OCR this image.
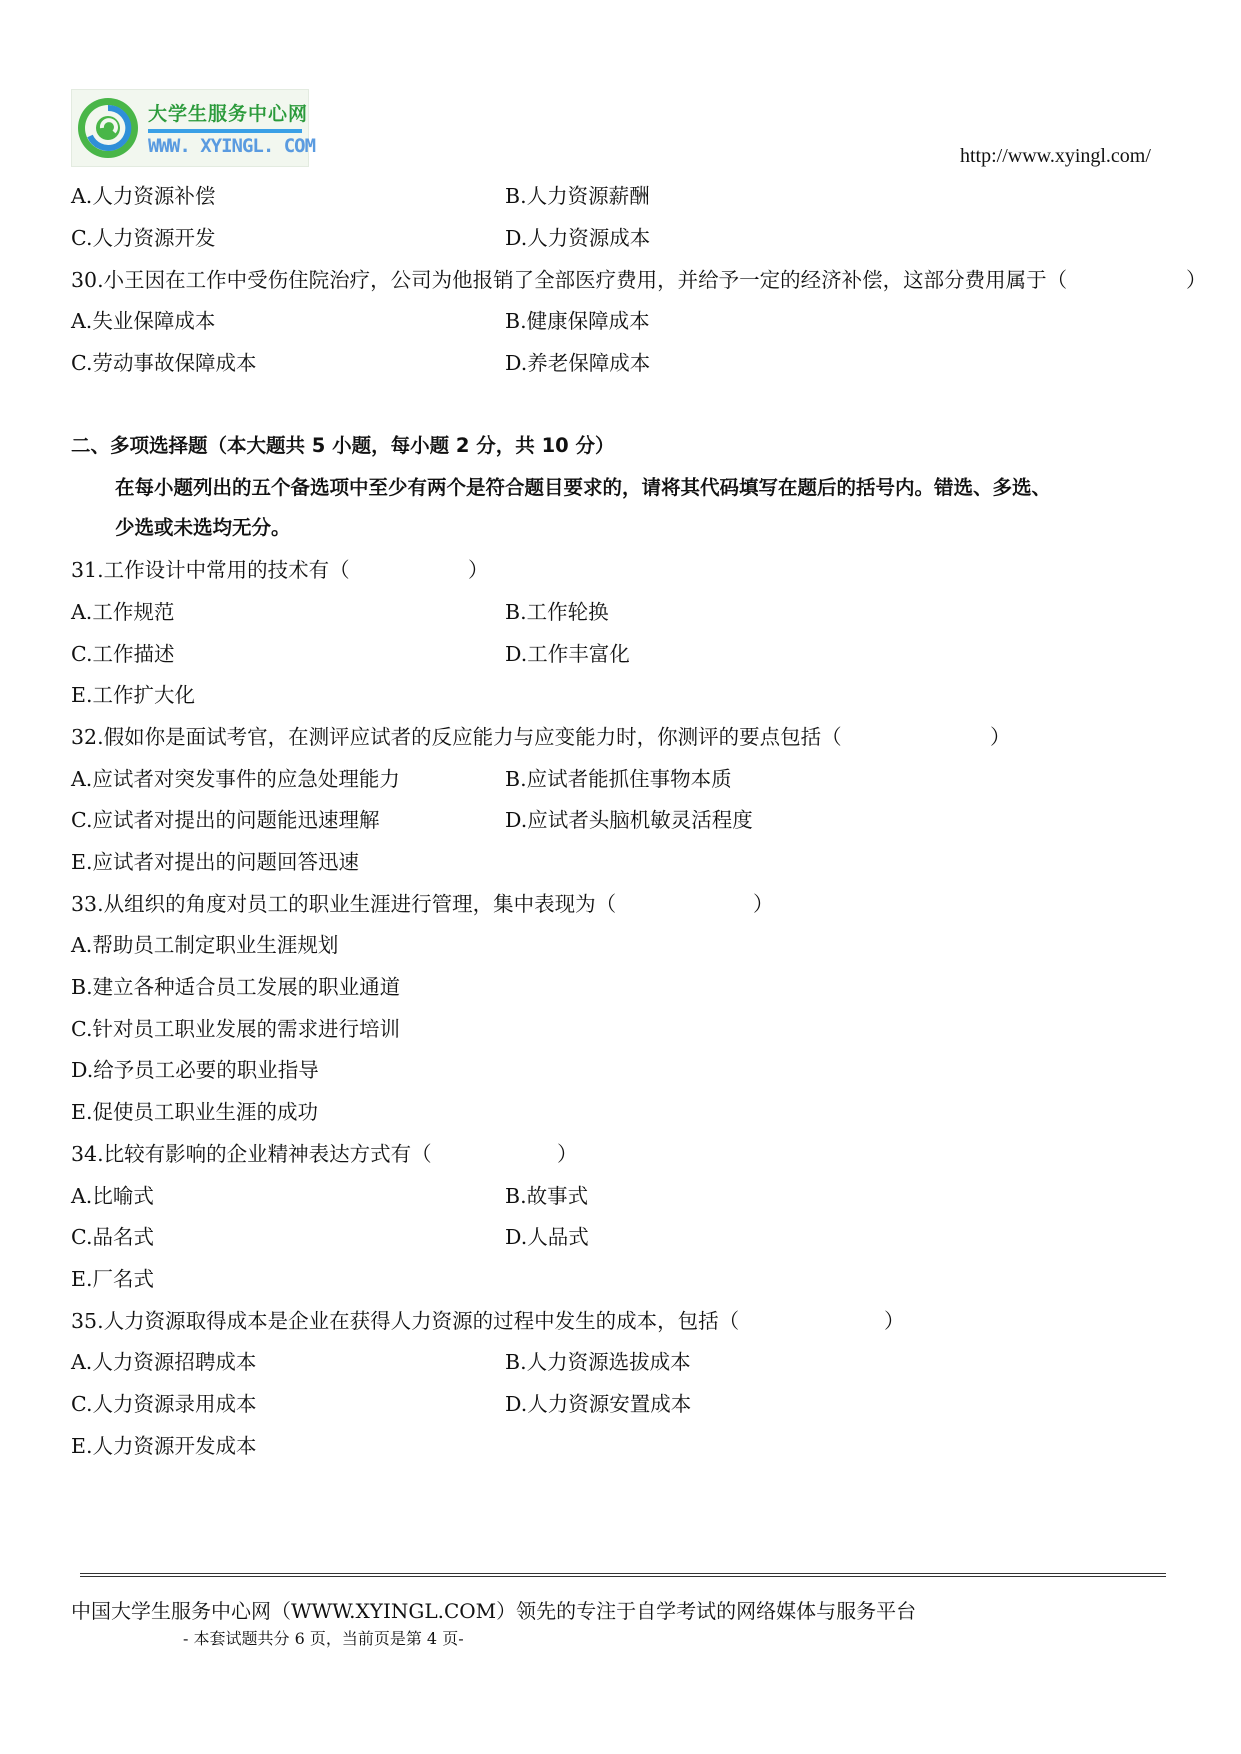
大学生服务中心网
WWW. XYINGL. COM	http://www.xyingl.com/
A.人力资源补偿	B.人力资源薪酬
C.人力资源开发	D.人力资源成本
30.小王因在工作中受伤住院治疗，公司为他报销了全部医疗费用，并给予一定的经济补偿，这部分费用属于（	）
A.失业保障成本	B.健康保障成本
C.劳动事故保障成本	D.养老保障成本
二、多项选择题（本大题共 5 小题，每小题 2 分，共 10 分）
在每小题列出的五个备选项中至少有两个是符合题目要求的，请将其代码填写在题后的括号内。错选、多选、
少选或未选均无分。
31.工作设计中常用的技术有（	）
A.工作规范	B.工作轮换
C.工作描述	D.工作丰富化
E.工作扩大化
32.假如你是面试考官，在测评应试者的反应能力与应变能力时，你测评的要点包括（	）
A.应试者对突发事件的应急处理能力	B.应试者能抓住事物本质
C.应试者对提出的问题能迅速理解	D.应试者头脑机敏灵活程度
E.应试者对提出的问题回答迅速
33.从组织的角度对员工的职业生涯进行管理，集中表现为（	）
A.帮助员工制定职业生涯规划
B.建立各种适合员工发展的职业通道
C.针对员工职业发展的需求进行培训
D.给予员工必要的职业指导
E.促使员工职业生涯的成功
34.比较有影响的企业精神表达方式有（	）
A.比喻式	B.故事式
C.品名式	D.人品式
E.厂名式
35.人力资源取得成本是企业在获得人力资源的过程中发生的成本，包括（	）
A.人力资源招聘成本	B.人力资源选拔成本
C.人力资源录用成本	D.人力资源安置成本
E.人力资源开发成本
中国大学生服务中心网（WWW.XYINGL.COM）领先的专注于自学考试的网络媒体与服务平台
- 本套试题共分 6 页，当前页是第 4 页-
